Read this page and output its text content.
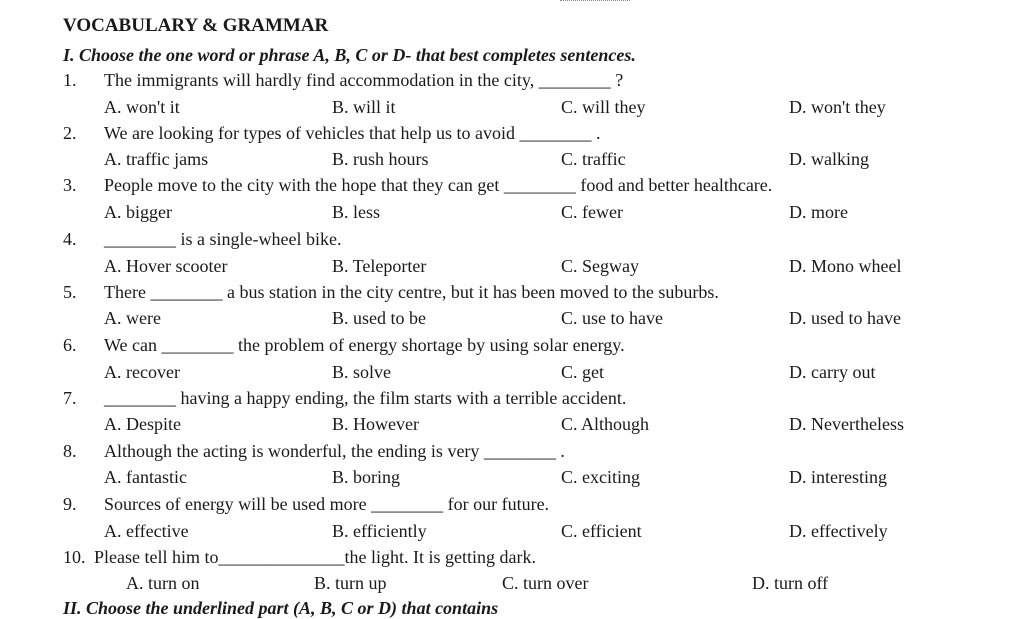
VOCABULARY & GRAMMAR
I. Choose the one word or phrase A, B, C or D- that best completes sentences.
1. The immigrants will hardly find accommodation in the city, ________ ?
A. won't it	B. will it	C. will they	D. won't they
2. We are looking for types of vehicles that help us to avoid ________ .
A. traffic jams	B. rush hours	C. traffic	D. walking
3. People move to the city with the hope that they can get ________ food and better healthcare.
A. bigger	B. less	C. fewer	D. more
4. ________ is a single-wheel bike.
A. Hover scooter	B. Teleporter	C. Segway	D. Mono wheel
5. There ________ a bus station in the city centre, but it has been moved to the suburbs.
A. were	B. used to be	C. use to have	D. used to have
6. We can ________ the problem of energy shortage by using solar energy.
A. recover	B. solve	C. get	D. carry out
7. ________ having a happy ending, the film starts with a terrible accident.
A. Despite	B. However	C. Although	D. Nevertheless
8. Although the acting is wonderful, the ending is very ________ .
A. fantastic	B. boring	C. exciting	D. interesting
9. Sources of energy will be used more ________ for our future.
A. effective	B. efficiently	C. efficient	D. effectively
10. Please tell him to______________the light. It is getting dark.
A. turn on	B. turn up	C. turn over	D. turn off
II. Choose the underlined part (A, B, C or D) that contains
